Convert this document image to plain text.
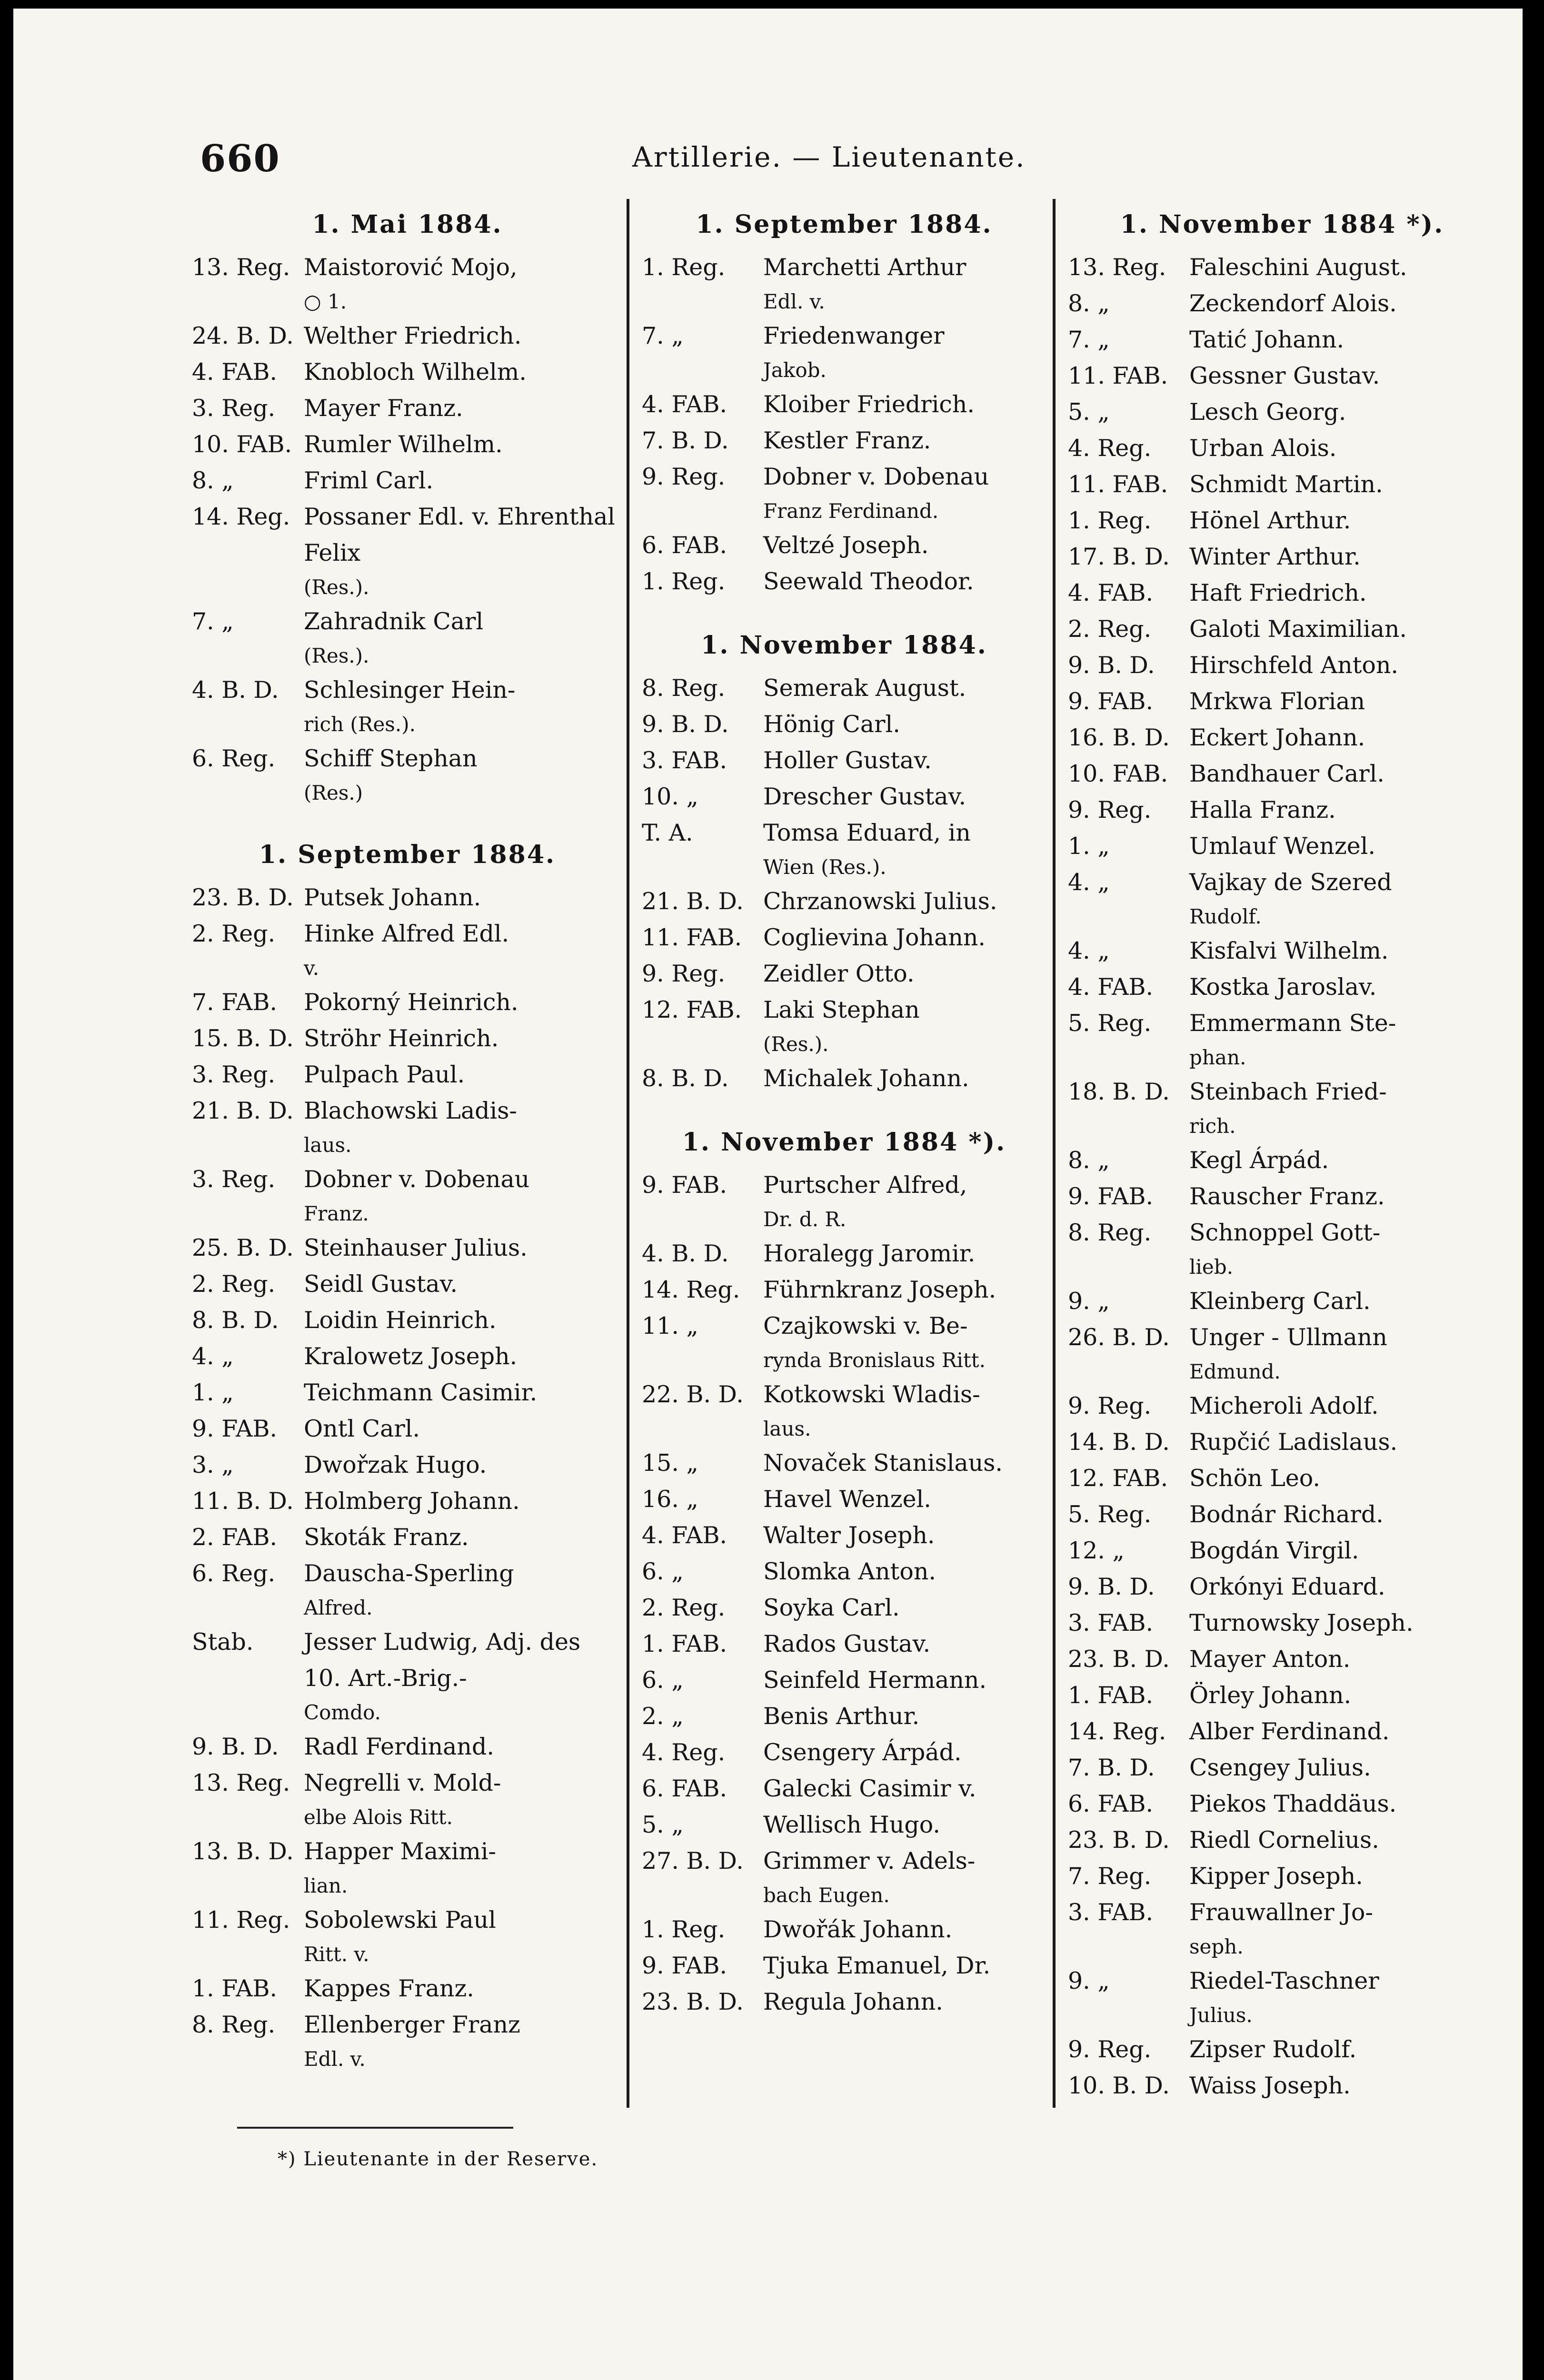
660	Artillerie. — Lieutenante.
1. Mai 1884.
13. Reg. Maistorović Mojo,
○ 1.
24. B. D. Welther Friedrich.
4. FAB.	Knobloch Wilhelm.
3. Reg.	Mayer Franz.
10. FAB. Rumler Wilhelm.
8. „	Friml Carl.
14. Reg. Possaner Edl. v. Ehrenthal Felix
(Res.).
7. „	Zahradnik Carl
(Res.).
4. B. D.	Schlesinger Hein-
rich (Res.).
6. Reg.	Schiff Stephan
(Res.)
1. September 1884.
23. B. D. Putsek Johann.
2. Reg.	Hinke Alfred Edl.
v.
7. FAB.	Pokorný Heinrich.
15. B. D. Ströhr Heinrich.
3. Reg.	Pulpach Paul.
21. B. D. Blachowski Ladis-
laus.
3. Reg.	Dobner v. Dobenau
Franz.
25. B. D. Steinhauser Julius.
2. Reg.	Seidl Gustav.
8. B. D.	Loidin Heinrich.
4. „	Kralowetz Joseph.
1. „	Teichmann Casimir.
9. FAB.	Ontl Carl.
3. „	Dwořzak Hugo.
11. B. D. Holmberg Johann.
2. FAB.	Skoták Franz.
6. Reg.	Dauscha-Sperling
Alfred.
Stab.	Jesser Ludwig, Adj. des 10. Art.-Brig.-
Comdo.
9. B. D.	Radl Ferdinand.
13. Reg. Negrelli v. Mold-
elbe Alois Ritt.
13. B. D. Happer Maximi-
lian.
11. Reg. Sobolewski Paul
Ritt. v.
1. FAB.	Kappes Franz.
8. Reg.	Ellenberger Franz
Edl. v.
1. September 1884.
1. Reg.	Marchetti Arthur
Edl. v.
7. „	Friedenwanger
Jakob.
4. FAB.	Kloiber Friedrich.
7. B. D.	Kestler Franz.
9. Reg.	Dobner v. Dobenau
Franz Ferdinand.
6. FAB.	Veltzé Joseph.
1. Reg.	Seewald Theodor.
1. November 1884.
8. Reg.	Semerak August.
9. B. D.	Hönig Carl.
3. FAB.	Holler Gustav.
10. „	Drescher Gustav.
T. A.	Tomsa Eduard, in
Wien (Res.).
21. B. D. Chrzanowski Julius.
11. FAB. Coglievina Johann.
9. Reg.	Zeidler Otto.
12. FAB. Laki Stephan
(Res.).
8. B. D.	Michalek Johann.
1. November 1884 *).
9. FAB.	Purtscher Alfred,
Dr. d. R.
4. B. D.	Horalegg Jaromir.
14. Reg. Führnkranz Joseph.
11. „	Czajkowski v. Be-
rynda Bronislaus Ritt.
22. B. D. Kotkowski Wladis-
laus.
15. „	Novaček Stanislaus.
16. „	Havel Wenzel.
4. FAB.	Walter Joseph.
6. „	Slomka Anton.
2. Reg.	Soyka Carl.
1. FAB.	Rados Gustav.
6. „	Seinfeld Hermann.
2. „	Benis Arthur.
4. Reg.	Csengery Árpád.
6. FAB.	Galecki Casimir v.
5. „	Wellisch Hugo.
27. B. D. Grimmer v. Adels-
bach Eugen.
1. Reg.	Dwořák Johann.
9. FAB.	Tjuka Emanuel, Dr.
23. B. D. Regula Johann.
1. November 1884 *).
13. Reg. Faleschini August.
8. „	Zeckendorf Alois.
7. „	Tatić Johann.
11. FAB. Gessner Gustav.
5. „	Lesch Georg.
4. Reg.	Urban Alois.
11. FAB. Schmidt Martin.
1. Reg.	Hönel Arthur.
17. B. D. Winter Arthur.
4. FAB.	Haft Friedrich.
2. Reg.	Galoti Maximilian.
9. B. D.	Hirschfeld Anton.
9. FAB.	Mrkwa Florian
16. B. D. Eckert Johann.
10. FAB. Bandhauer Carl.
9. Reg.	Halla Franz.
1. „	Umlauf Wenzel.
4. „	Vajkay de Szered
Rudolf.
4. „	Kisfalvi Wilhelm.
4. FAB.	Kostka Jaroslav.
5. Reg.	Emmermann Ste-
phan.
18. B. D. Steinbach Fried-
rich.
8. „	Kegl Árpád.
9. FAB.	Rauscher Franz.
8. Reg.	Schnoppel Gott-
lieb.
9. „	Kleinberg Carl.
26. B. D. Unger - Ullmann
Edmund.
9. Reg.	Micheroli Adolf.
14. B. D. Rupčić Ladislaus.
12. FAB. Schön Leo.
5. Reg.	Bodnár Richard.
12. „	Bogdán Virgil.
9. B. D.	Orkónyi Eduard.
3. FAB.	Turnowsky Joseph.
23. B. D. Mayer Anton.
1. FAB.	Örley Johann.
14. Reg. Alber Ferdinand.
7. B. D.	Csengey Julius.
6. FAB.	Piekos Thaddäus.
23. B. D. Riedl Cornelius.
7. Reg.	Kipper Joseph.
3. FAB.	Frauwallner Jo-
seph.
9. „	Riedel-Taschner
Julius.
9. Reg.	Zipser Rudolf.
10. B. D. Waiss Joseph.
*) Lieutenante in der Reserve.
